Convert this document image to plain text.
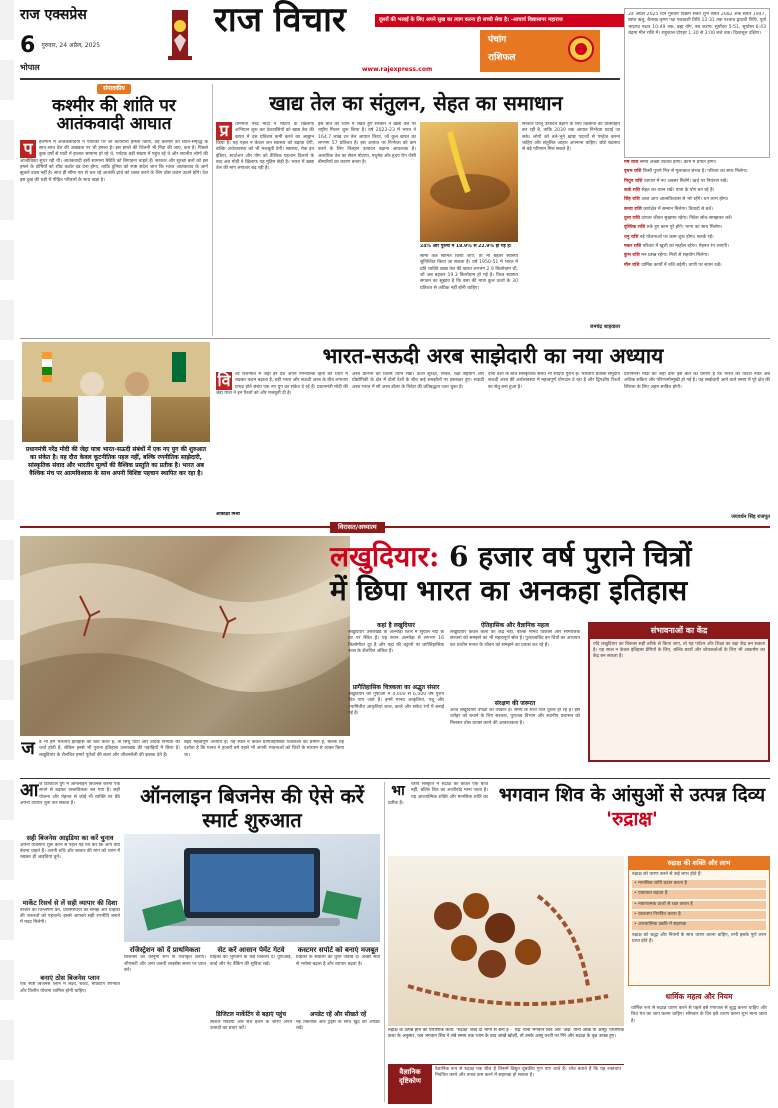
राज एक्सप्रेस
6 गुरुवार, 24 अप्रैल, 2025
भोपाल
राज विचार	दूसरों की भलाई के लिए अपने सुख का त्याग करना ही सच्ची सेवा है। -आचार्य विद्यासागर महाराज
पंचांग
राशिफल
www.rajexpress.com
24 अप्रैल 2025 दिन गुरुवार विक्रम संवत शुभ संवत 2082 शक संवत 1947, वसंत ऋतु, बैशाख कृष्ण पक्ष एकादशी तिथि 12:31 तक पश्चात द्वादशी तिथि, पूर्वा भाद्रपद नक्षत्र 10:49 तक, ब्रह्म योग, बव करण। सूर्योदय 5:51, सूर्यास्त 6:43 चंद्रमा मीन राशि में। राहुकाल दोपहर 1:30 से 3:00 बजे तक। दिशाशूल दक्षिण।
मेष राशि समय अच्छा व्यतीत होगा। काम में प्रगति होगी।
वृषभ राशि किसी पुराने मित्र से मुलाकात संभव है। परिवार का साथ मिलेगा।
मिथुन राशि व्यापार में नए अवसर मिलेंगे। खर्च पर नियंत्रण रखें।
कर्क राशि सेहत का ध्यान रखें। यात्रा के योग बन रहे हैं।
सिंह राशि आज आप आत्मविश्वास से भरे रहेंगे। धन लाभ होगा।
कन्या राशि कार्यक्षेत्र में सम्मान मिलेगा। विवादों से बचें।
तुला राशि दांपत्य जीवन सुखमय रहेगा। निवेश सोच-समझकर करें।
वृश्चिक राशि रुके हुए काम पूरे होंगे। भाग्य का साथ मिलेगा।
धनु राशि नई योजनाओं पर काम शुरू होगा। सतर्क रहें।
मकर राशि परिवार में खुशी का माहौल रहेगा। मेहनत रंग लाएगी।
कुंभ राशि मन प्रसन्न रहेगा। मित्रों से सहयोग मिलेगा।
मीन राशि धार्मिक कार्यों में रुचि बढ़ेगी। वाणी पर संयम रखें।
संपादकीय
कश्मीर की शांति पर आतंकवादी आघात
प	हलगाम में आतंकवादियों ने पर्यटकों पर जो कायराना हमला किया, वह कश्मीर की शांति-समृद्धि के साथ-साथ देश की अखंडता पर भी हमला है। इस हमले की जितनी भी निंदा की जाए, कम है। पिछले कुछ वर्षों से घाटी में हालात सामान्य हो रहे थे, पर्यटक बड़ी संख्या में पहुंच रहे थे और स्थानीय लोगों की आजीविका सुधर रही थी। आतंकवादी इसी सामान्य स्थिति को बिगाड़ना चाहते हैं। सरकार और सुरक्षा बलों को इस हमले के दोषियों को शीघ्र कठोर दंड देना होगा, ताकि दुनिया को स्पष्ट संदेश जाए कि भारत आतंकवाद के आगे झुकने वाला नहीं है। साथ ही सीमा पार से चल रहे आतंकी ढांचे को ध्वस्त करने के लिए ठोस कदम उठाने होंगे। देश इस दुख की घड़ी में पीड़ित परिवारों के साथ खड़ा है।
खाद्य तेल का संतुलन, सेहत का समाधान
प्र	धानमंत्री नरेंद्र मोदी ने मोटापे के खिलाफ अभियान शुरू कर देशवासियों को खाद्य तेल की खपत में दस प्रतिशत कमी करने का आह्वान किया है। यह पहल न केवल जन स्वास्थ्य को बढ़ावा देगी, बल्कि अर्थव्यवस्था को भी मजबूती देगी। स्वास्थ्य, मेक इन इंडिया, स्टार्टअप और योग को वैश्विक पहचान दिलाने के बाद अब मोदी ने खिलाफ यह मुहिम छेड़ी है। भारत में खाद्य तेल की मांग लगातार बढ़ रही है।
इस बात को ध्यान में रखते हुए सरकार ने खाद्य तेल पर राष्ट्रीय मिशन शुरू किया है। वर्ष 2022-23 में भारत ने 164.7 लाख टन तेल आयात किया, जो कुल खपत का लगभग 57 प्रतिशत है। इस आयात पर निर्भरता को कम करने के लिए तिलहन उत्पादन बढ़ाना आवश्यक है। अत्यधिक तेल का सेवन मोटापा, मधुमेह और हृदय रोग जैसी बीमारियों का कारण बनता है।
24% और पुरुषों में 18.9% से 22.9% हो गई है।
सीमा तक सीमित किया जाए, तो भी बेहतर स्वास्थ्य सुनिश्चित किया जा सकता है। वर्ष 1950-51 में भारत में प्रति व्यक्ति खाद्य तेल की खपत लगभग 2.9 किलोग्राम थी, जो अब बढ़कर 19.3 किलोग्राम हो गई है। विश्व स्वास्थ्य संगठन का सुझाव है कि वसा की मात्रा कुल ऊर्जा के 30 प्रतिशत से अधिक नहीं होनी चाहिए।
सरकार घरेलू उत्पादन बढ़ाने के लिए किसानों को प्रोत्साहित कर रही है, ताकि 2030 तक आयात निर्भरता घटाई जा सके। लोगों को तले-भुने खाद्य पदार्थों से परहेज करना चाहिए और संतुलित आहार अपनाना चाहिए। छोटे बदलाव से बड़े परिणाम मिल सकते हैं।
रामचंद्र शाहवाला
भारत-सऊदी अरब साझेदारी का नया अध्याय
प्रधानमंत्री नरेंद्र मोदी की जेद्दा यात्रा भारत-सऊदी संबंधों में एक नए युग की शुरुआत का संकेत है। यह दौरा केवल कूटनीतिक पहल नहीं, बल्कि रणनीतिक साझेदारी, सांस्कृतिक संवाद और भारतीय मूल्यों की वैश्विक प्रस्तुति का प्रतीक है। भारत अब वैश्विक मंच पर आत्मविश्वास के साथ अपनी विशिष्ट पहचान स्थापित कर रहा है।
वि श्व राजनीति में जहां हर देश अपने रणनीतिक हितों को ध्यान में रखकर कदम बढ़ाता है, वहीं भारत और सऊदी अरब के बीच लगातार प्रगाढ़ होते संबंध एक नए युग का संकेत दे रहे हैं। प्रधानमंत्री मोदी की जेद्दा यात्रा ने इन रिश्तों को और मजबूती दी है।
आकांक्षा मिश्रा
अरब प्रतिभा का विशेष ध्यान रखा। ऊर्जा सुरक्षा, निवेश, रक्षा सहयोग और प्रौद्योगिकी के क्षेत्र में दोनों देशों के बीच कई समझौतों पर हस्ताक्षर हुए। सऊदी अरब भारत में सौ अरब डॉलर के निवेश की प्रतिबद्धता जता चुका है।
दोनों देशों के बीच सांस्कृतिक संबंध भी सदियों पुराने हैं। भारतीय प्रवासी समुदाय सऊदी अरब की अर्थव्यवस्था में महत्वपूर्ण योगदान दे रहा है और द्विपक्षीय रिश्तों का सेतु बना हुआ है।
प्रधानमंत्री मोदी का जेद्दा दौरा इस बात का प्रमाण है कि भारत की विदेश नीति अब अधिक सक्रिय और परिणामोन्मुखी हो गई है। यह साझेदारी आने वाले समय में पूरे क्षेत्र की स्थिरता के लिए अहम साबित होगी।
जयवर्धन सिंह राजपूत
विरासत/अध्यात्म
लखुदियार: 6 हजार वर्ष पुराने चित्रों
में छिपा भारत का अनकहा इतिहास
कहां है लखुदियार
लखुदियार उत्तराखंड के अल्मोड़ा जिले में सुयाल नदी के तट पर स्थित है। यह स्थान अल्मोड़ा से लगभग 16 किलोमीटर दूर है और यहां की चट्टानों पर प्रागैतिहासिक काल के शैलचित्र अंकित हैं।
प्रागैतिहासिक चित्रकला का अद्भुत संसार
लखुदियार की गुफाओं में 4,000 से 6,000 वर्ष पुराने चित्र पाए जाते हैं। इनमें मानव आकृतियां, पशु और ज्यामितीय आकृतियां लाल, काले और सफेद रंगों में बनाई गई हैं।
ऐतिहासिक और वैज्ञानिक महत्व
लखुदियार केवल कला का केंद्र नहीं, बल्कि मानव विकास और सामाजिक संरचना को समझने का भी महत्वपूर्ण स्रोत है। पुरातत्वविद इन चित्रों का अध्ययन कर प्राचीन मानव के जीवन को समझने का प्रयास कर रहे हैं।
संरक्षण की जरूरत
आज लखुदियार उपेक्षा का शिकार है। समय के साथ चित्र धुंधले हो रहे हैं। इस धरोहर को बचाने के लिए सरकार, पुरातत्व विभाग और स्थानीय प्रशासन को मिलकर ठोस प्रयास करने की आवश्यकता है।
संभावनाओं का केंद्र
यदि लखुदियार का विकास सही तरीके से किया जाए, तो यह पर्यटन और शिक्षा का बड़ा केंद्र बन सकता है। यह स्थल न केवल इतिहास प्रेमियों के लिए, बल्कि छात्रों और शोधकर्ताओं के लिए भी आकर्षण का केंद्र बन सकता है।
ज ब भी हम भारतीय इतिहास की बात करते हैं, तो सिंधु घाटी और वैदिक सभ्यता की चर्चा होती है, लेकिन इनसे भी पुराना इतिहास उत्तराखंड की पहाड़ियों में छिपा है। लखुदियार के शैलचित्र हमारे पूर्वजों की कला और जीवनशैली की झलक देते हैं।
बेहद महत्वपूर्ण अध्याय है। यह स्थल न केवल प्रागैतिहासिक चित्रकला का प्रमाण है, बल्कि यह दर्शाता है कि मानव ने हजारों वर्ष पहले भी अपनी भावनाओं को चित्रों के माध्यम से व्यक्त किया था।
आ ज डिजिटल युग में ऑनलाइन बिजनेस करना एक सपने से बढ़कर वास्तविकता बन गया है। सही योजना और मेहनत से कोई भी व्यक्ति घर बैठे अपना व्यापार शुरू कर सकता है।	ऑनलाइन बिजनेस की ऐसे करें स्मार्ट शुरुआत
सही बिजनेस आइडिया का करें चुनाव
अपना व्यवसाय शुरू करने से पहले यह तय करें कि आप क्या बेचना चाहते हैं। अपनी रुचि और बाजार की मांग को ध्यान में रखकर ही आइडिया चुनें।
मार्केट रिसर्च से लें सही व्यापार की दिशा
बाजार का विश्लेषण करें, प्रतिस्पर्धियों को समझें और ग्राहकों की जरूरतों को पहचानें। इससे आपको सही रणनीति बनाने में मदद मिलेगी।
बनाएं ठोस बिजनेस प्लान
एक स्पष्ट बिजनेस प्लान में लक्ष्य, बजट, मार्केटिंग रणनीति और वित्तीय योजना शामिल होनी चाहिए।
रजिस्ट्रेशन को दें प्राथमिकता
बिजनेस को कानूनी रूप से पंजीकृत कराएं। जीएसटी और अन्य जरूरी लाइसेंस समय पर प्राप्त करें।
सेट करें आसान पेमेंट गेटवे
ग्राहकों को भुगतान के कई विकल्प दें। यूपीआई, कार्ड और नेट बैंकिंग की सुविधा रखें।
डिजिटल मार्केटिंग से बढ़ाएं पहुंच
सोशल मीडिया और सर्च इंजन के जरिए अपने उत्पादों का प्रचार करें।
कस्टमर सपोर्ट को बनाएं मजबूत
ग्राहकों के सवालों का तुरंत जवाब दें। अच्छी सेवा से भरोसा बढ़ता है और व्यापार बढ़ता है।
अपडेट रहें और सीखते रहें
नई तकनीक और ट्रेंड्स के साथ खुद को अपडेट रखें।
भा	रतीय संस्कृति में रुद्राक्ष को केवल एक बीज नहीं, बल्कि शिव का आशीर्वाद माना जाता है। यह आध्यात्मिक शक्ति और मानसिक शांति का प्रतीक है।	भगवान शिव के आंसुओं से उत्पन्न दिव्य 'रुद्राक्ष'
रुद्राक्ष के उत्पन्न होने की पौराणिक कथा: 'रुद्राक्ष' शब्द दो भागों से बना है - 'रुद्र' यानी भगवान शिव और 'अक्ष' यानी आंखें या आंसू। पौराणिक कथा के अनुसार, जब भगवान शिव ने लंबे समय तक ध्यान के बाद आंखें खोलीं, तो उनके आंसू धरती पर गिरे और रुद्राक्ष के वृक्ष उत्पन्न हुए।
वैज्ञानिक दृष्टिकोण
वैज्ञानिक रूप से रुद्राक्ष एक बीज है जिसमें विद्युत चुंबकीय गुण पाए जाते हैं। शोध बताते हैं कि यह रक्तचाप नियंत्रित करने और तनाव कम करने में सहायक हो सकता है।
रुद्राक्ष की शक्ति और लाभ
रुद्राक्ष को धारण करने से कई लाभ होते हैं:
• मानसिक शांति प्रदान करता है
• एकाग्रता बढ़ाता है
• नकारात्मक ऊर्जा से रक्षा करता है
• रक्तचाप नियंत्रित करता है
• आध्यात्मिक उन्नति में सहायक
रुद्राक्ष को श्रद्धा और नियमों के साथ धारण करना चाहिए, तभी इसके पूर्ण लाभ प्राप्त होते हैं।
धार्मिक महत्व और नियम
धार्मिक रूप से रुद्राक्ष धारण करने से पहले इसे गंगाजल से शुद्ध करना चाहिए और शिव मंत्र का जाप करना चाहिए। सोमवार के दिन इसे धारण करना शुभ माना जाता है।
